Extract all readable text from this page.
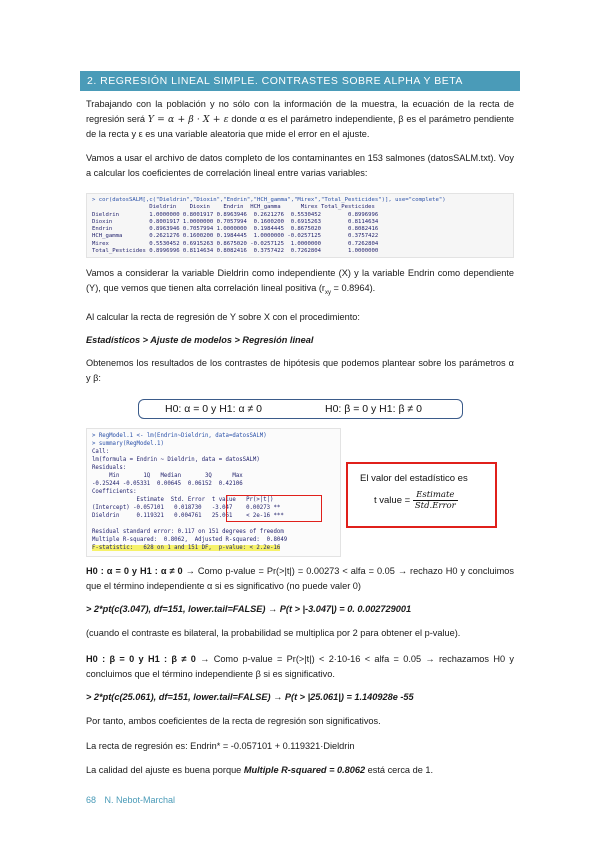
2. REGRESIÓN LINEAL SIMPLE. CONTRASTES SOBRE ALPHA Y BETA

Trabajando con la población y no sólo con la información de la muestra, la ecuación de la recta de regresión será Y = α + β · X + ε donde α es el parámetro independiente, β es el parámetro pendiente de la recta y ε es una variable aleatoria que mide el error en el ajuste.

Vamos a usar el archivo de datos completo de los contaminantes en 153 salmones (datosSALM.txt). Voy a calcular los coeficientes de correlación lineal entre varias variables:

> cor(datosSALM[,c("Dieldrin","Dioxin","Endrin","HCH_gamma","Mirex","Total_Pesticides")], use="complete")
Dieldrin    Dioxin    Endrin  HCH_gamma      Mirex Total_Pesticides
Dieldrin         1.0000000 0.8001917 0.8963946  0.2621276  0.5530452        0.8996996
Dioxin           0.8001917 1.0000000 0.7057994  0.1600200  0.6915263        0.8114634
Endrin           0.8963946 0.7057994 1.0000000  0.1984445  0.8675020        0.8082416
HCH_gamma        0.2621276 0.1600200 0.1984445  1.0000000 -0.0257125        0.3757422
Mirex            0.5530452 0.6915263 0.8675020 -0.0257125  1.0000000        0.7262804
Total_Pesticides 0.8996996 0.8114634 0.8082416  0.3757422  0.7262804        1.0000000

Vamos a considerar la variable Dieldrin como independiente (X) y la variable Endrin como dependiente (Y), que vemos que tienen alta correlación lineal positiva $(r_{xy} = 0.8964)$.

Al calcular la recta de regresión de Y sobre X con el procedimiento:

Estadísticos > Ajuste de modelos > Regresión lineal

Obtenemos los resultados de los contrastes de hipótesis que podemos plantear sobre los parámetros α y β:

H0: α = 0 y H1: α ≠ 0	H0: β = 0 y H1: β ≠ 0
> RegModel.1 <- lm(Endrin~Dieldrin, data=datosSALM)
> summary(RegModel.1)
Call:
lm(formula = Endrin ~ Dieldrin, data = datosSALM)
Residuals:
Min       1Q   Median       3Q      Max
-0.25244 -0.05331  0.00645  0.06152  0.42106
Coefficients:
Estimate  Std. Error  t value   Pr(>|t|)
(Intercept) -0.057101   0.018730   -3.047    0.00273 **
Dieldrin     0.119321   0.004761   25.061    < 2e-16 ***

Residual standard error: 0.117 on 151 degrees of freedom
Multiple R-squared:  0.8062,  Adjusted R-squared:  0.8049
F-statistic:   628 on 1 and 151 DF,  p-value: < 2.2e-16
El valor del estadístico es
t value = $\frac{\text{Estimate}}{\text{Std.Error}}$

H0 : α = 0 y H1 : α ≠ 0 → Como p-value = Pr(>|t|) = 0.00273 < alfa = 0.05 → rechazo H0 y concluimos que el término independiente α si es significativo (no puede valer 0)

> 2*pt(c(3.047), df=151, lower.tail=FALSE) → P(t > |-3.047|) = 0. 0.002729001

(cuando el contraste es bilateral, la probabilidad se multiplica por 2 para obtener el p-value).

H0 : β = 0 y H1 : β ≠ 0 → Como p-value = Pr(>|t|) < 2·10-16 < alfa = 0.05 → rechazamos H0 y concluimos que el término independiente β si es significativo.

> 2*pt(c(25.061), df=151, lower.tail=FALSE) → P(t > |25.061|) = 1.140928e -55

Por tanto, ambos coeficientes de la recta de regresión son significativos.

La recta de regresión es: Endrin* = -0.057101 + 0.119321·Dieldrin

La calidad del ajuste es buena porque Multiple R-squared = 0.8062 está cerca de 1.

68 N. Nebot-Marchal
